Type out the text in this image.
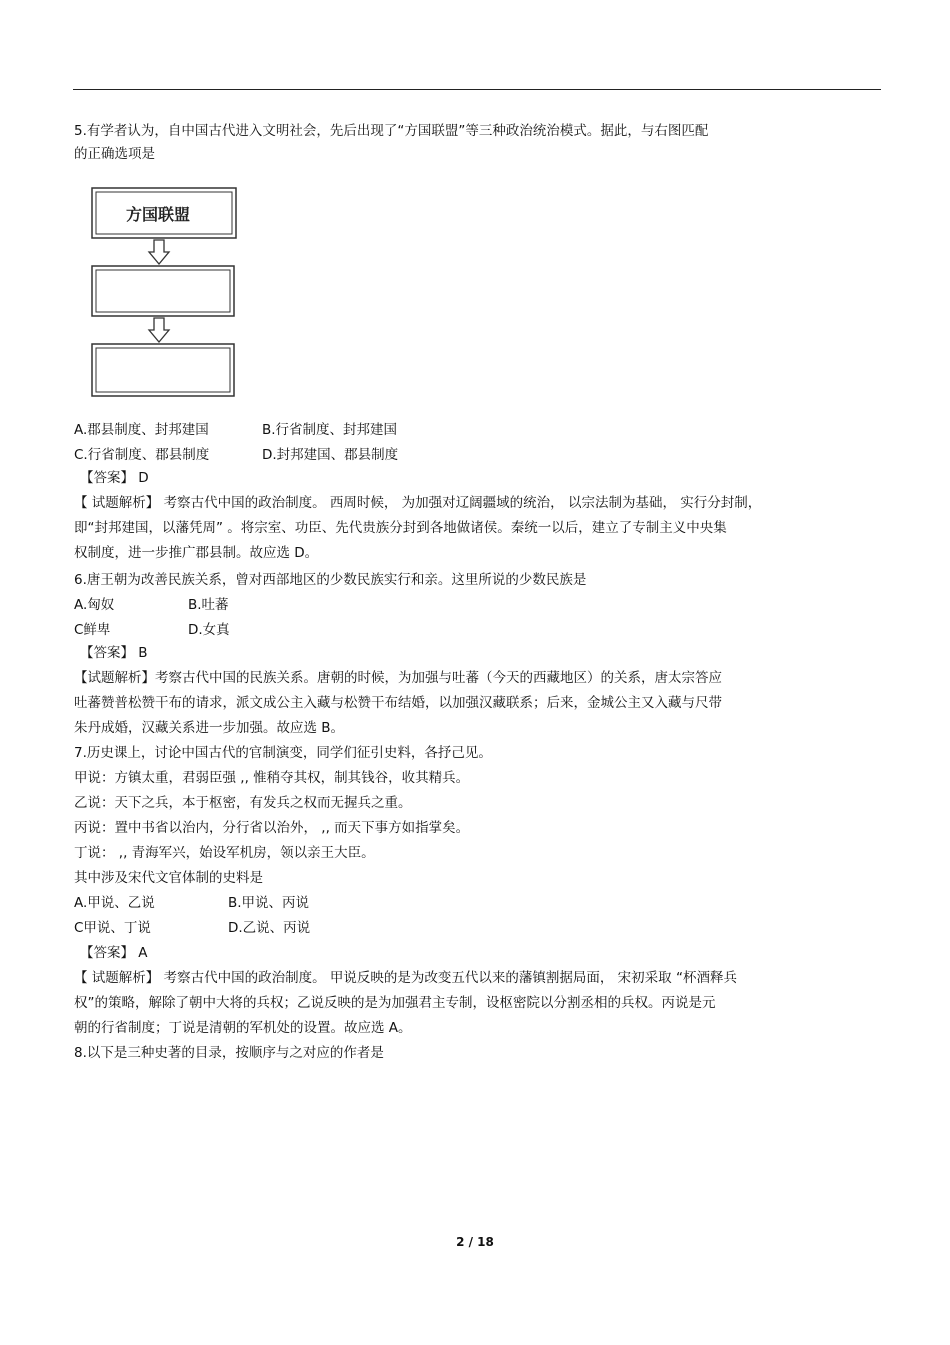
5.有学者认为，自中国古代进入文明社会，先后出现了“方国联盟”等三种政治统治模式。据此，与右图匹配
的正确选项是
方国联盟
A.郡县制度、封邦建国	B.行省制度、封邦建国
C.行省制度、郡县制度	D.封邦建国、郡县制度
【答案】 D
【 试题解析】 考察古代中国的政治制度。 西周时候， 为加强对辽阔疆域的统治， 以宗法制为基础， 实行分封制，
即“封邦建国，以藩凭周” 。将宗室、功臣、先代贵族分封到各地做诸侯。秦统一以后，建立了专制主义中央集
权制度，进一步推广郡县制。故应选 D。
6.唐王朝为改善民族关系，曾对西部地区的少数民族实行和亲。这里所说的少数民族是
A.匈奴	B.吐蕃
C鲜卑	D.女真
【答案】 B
【试题解析】考察古代中国的民族关系。唐朝的时候，为加强与吐蕃（今天的西藏地区）的关系，唐太宗答应
吐蕃赞普松赞干布的请求，派文成公主入藏与松赞干布结婚，以加强汉藏联系；后来，金城公主又入藏与尺带
朱丹成婚，汉藏关系进一步加强。故应选 B。
7.历史课上，讨论中国古代的官制演变，同学们征引史料，各抒己见。
甲说：方镇太重，君弱臣强 ,, 惟稍夺其权，制其钱谷，收其精兵。
乙说：天下之兵，本于枢密，有发兵之权而无握兵之重。
丙说：置中书省以治内，分行省以治外， ,, 而天下事方如指掌矣。
丁说： ,, 青海军兴，始设军机房，领以亲王大臣。
其中涉及宋代文官体制的史料是
A.甲说、乙说	B.甲说、丙说
C甲说、丁说	D.乙说、丙说
【答案】 A
【 试题解析】 考察古代中国的政治制度。 甲说反映的是为改变五代以来的藩镇割据局面， 宋初采取 “杯酒释兵
权”的策略，解除了朝中大将的兵权；乙说反映的是为加强君主专制，设枢密院以分割丞相的兵权。丙说是元
朝的行省制度；丁说是清朝的军机处的设置。故应选 A。
8.以下是三种史著的目录，按顺序与之对应的作者是
2 / 18
